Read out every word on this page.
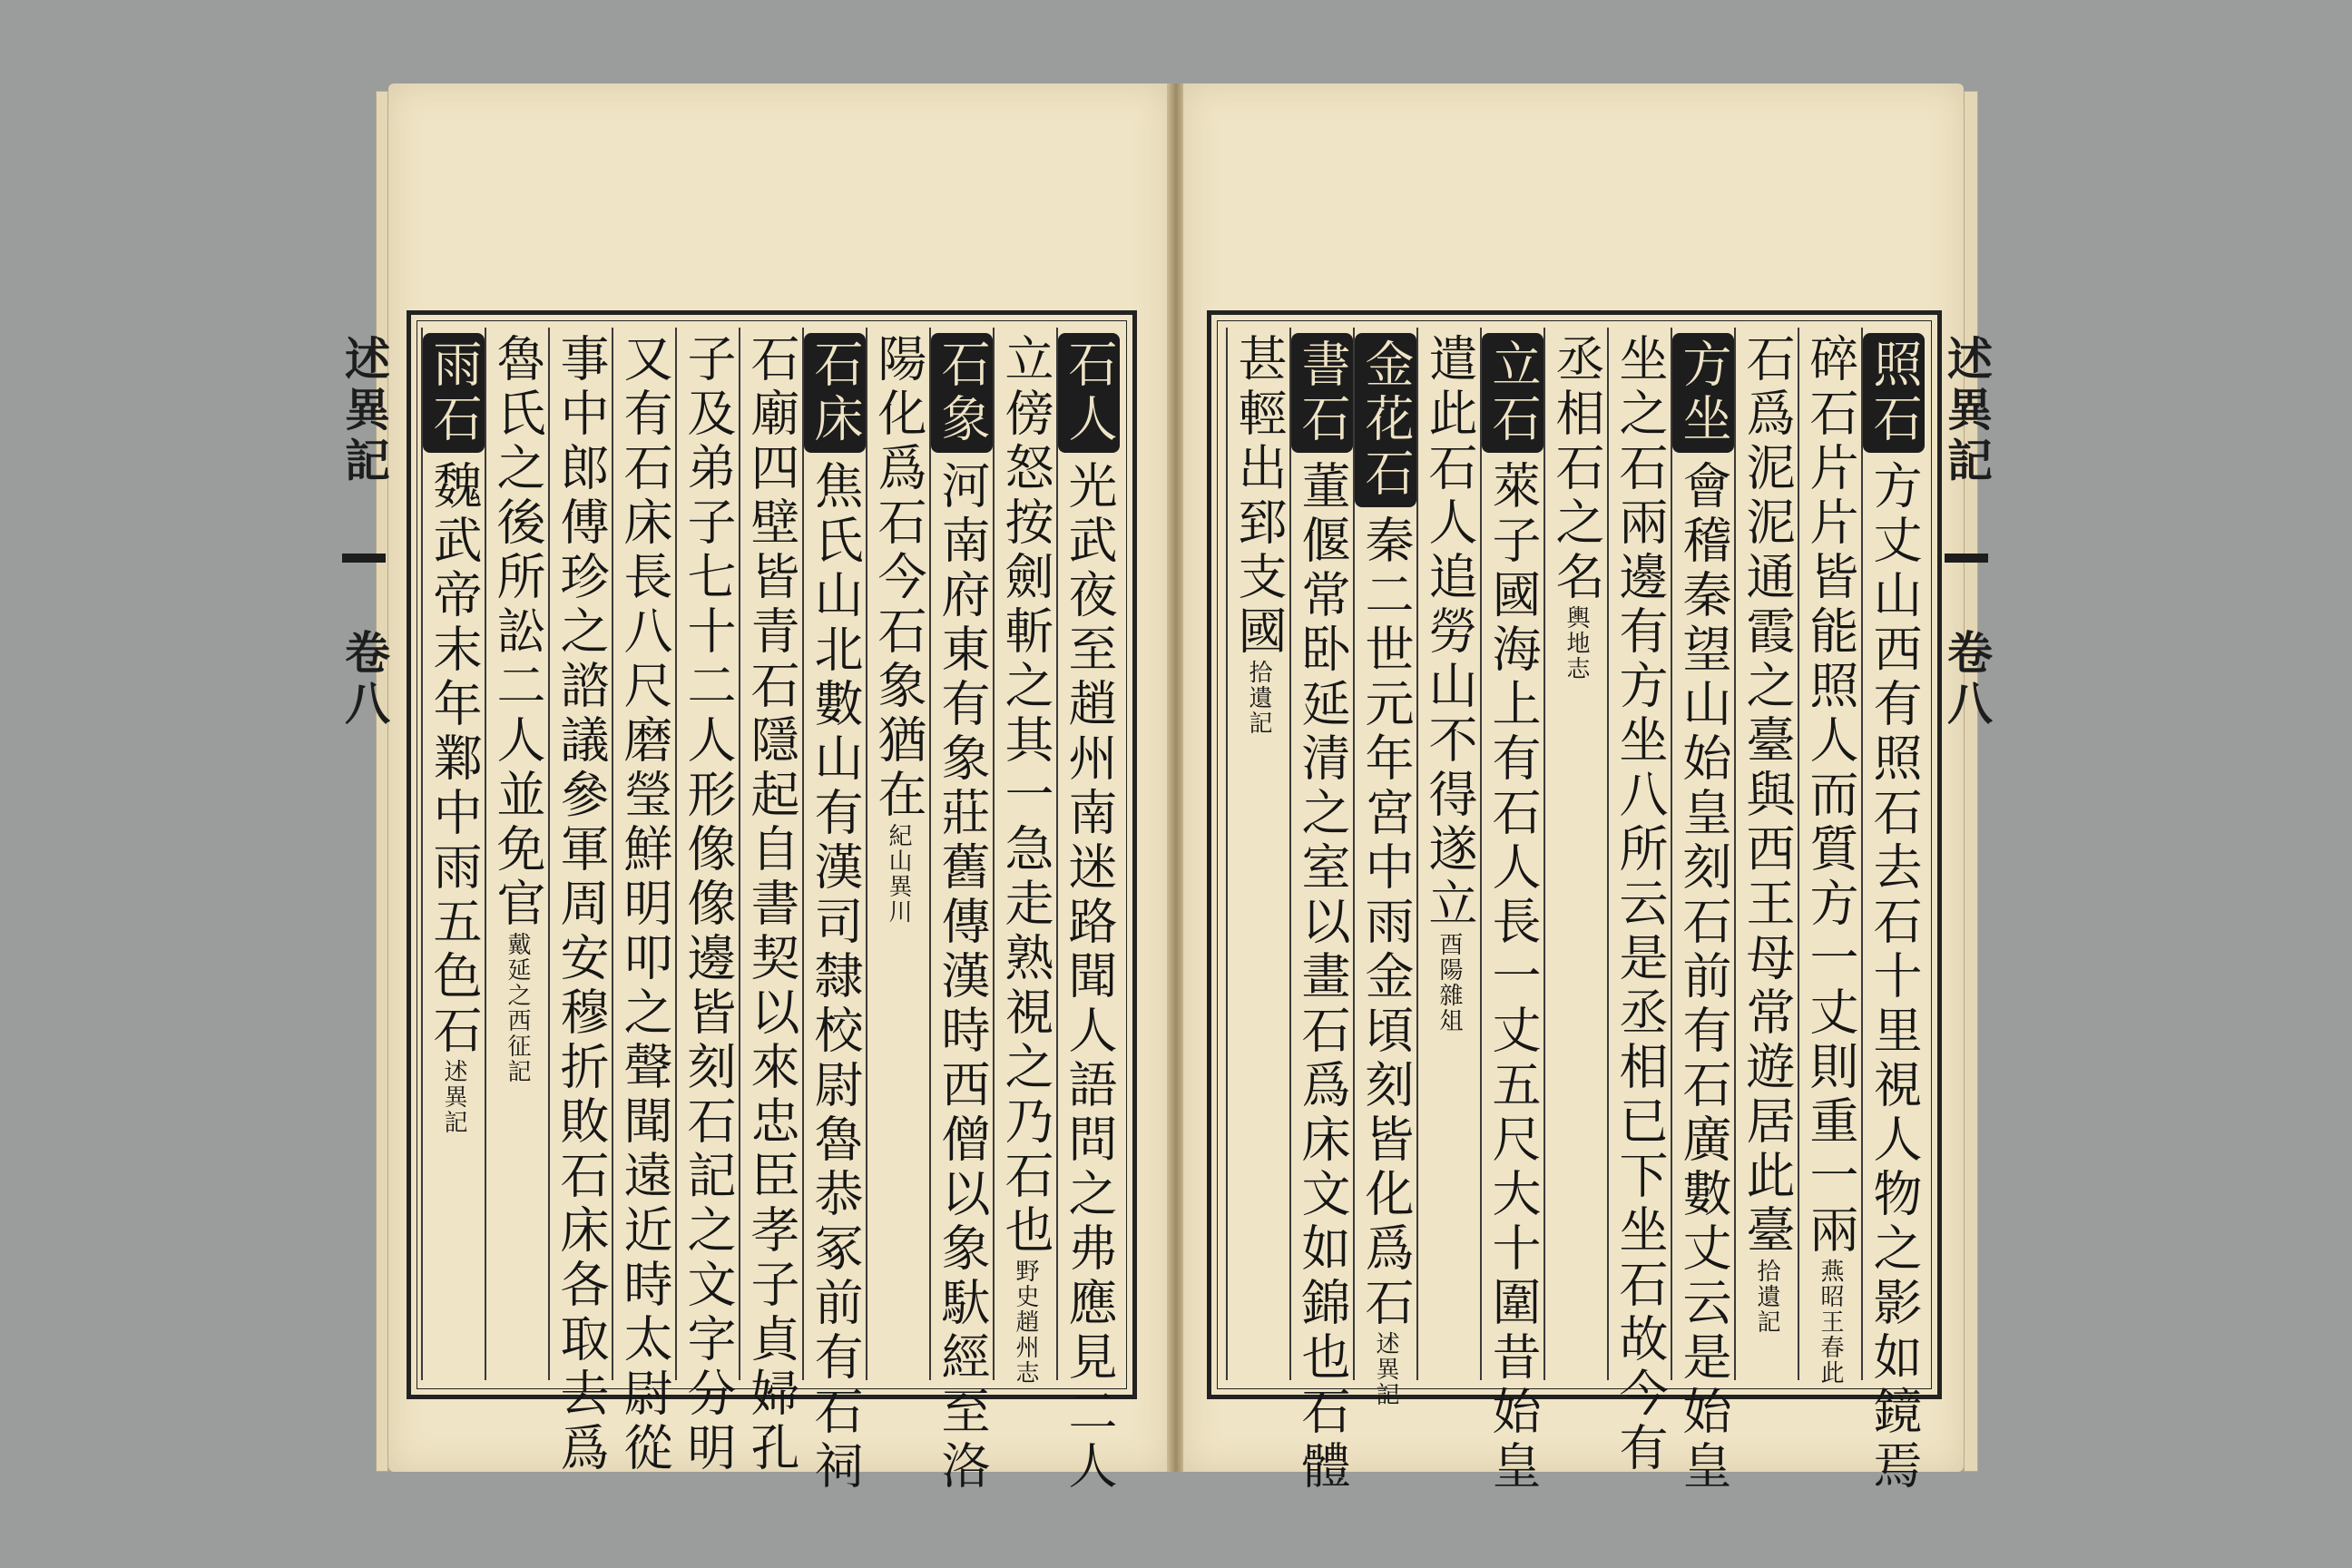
述異記  卷八
石人光武夜至趙州南迷路聞人語問之弗應見二人
立傍怒按劍斬之其一急走熟視之乃石也野史趙州志
石象河南府東有象莊舊傳漢時西僧以象馱經至洛
陽化爲石今石象猶在紀山異川
石床焦氏山北數山有漢司隸校尉魯恭冢前有石祠
石廟四壁皆青石隱起自書契以來忠臣孝子貞婦孔
子及弟子七十二人形像像邊皆刻石記之文字分明
又有石床長八尺磨瑩鮮明叩之聲聞遠近時太尉從
事中郎傅珍之諮議參軍周安穆折敗石床各取去爲
魯氏之後所訟二人並免官戴延之西征記
雨石魏武帝末年鄴中雨五色石述異記
述異記  卷八
照石方丈山西有照石去石十里視人物之影如鏡焉
碎石片片皆能照人而質方一丈則重一兩燕昭王春此
石爲泥泥通霞之臺與西王母常遊居此臺拾遺記
方坐會稽秦望山始皇刻石前有石廣數丈云是始皇
坐之石兩邊有方坐八所云是丞相已下坐石故今有
丞相石之名輿地志
立石萊子國海上有石人長一丈五尺大十圍昔始皇
遣此石人追勞山不得遂立酉陽雜俎
金花石秦二世元年宮中雨金頃刻皆化爲石述異記
書石董偃常卧延清之室以畫石爲床文如錦也石體
甚輕出郅支國拾遺記
